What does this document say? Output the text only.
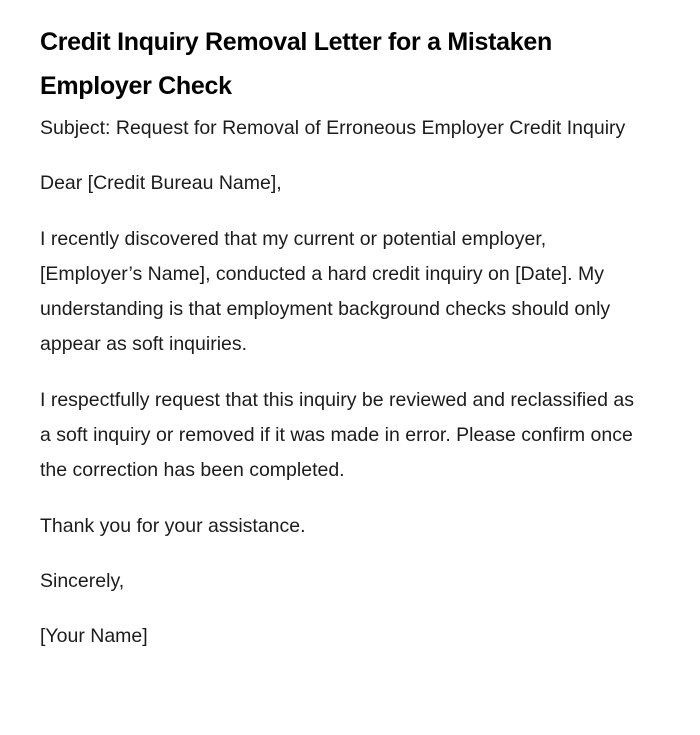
Credit Inquiry Removal Letter for a Mistaken Employer Check

Subject: Request for Removal of Erroneous Employer Credit Inquiry

Dear [Credit Bureau Name],

I recently discovered that my current or potential employer, [Employer’s Name], conducted a hard credit inquiry on [Date]. My understanding is that employment background checks should only appear as soft inquiries.

I respectfully request that this inquiry be reviewed and reclassified as a soft inquiry or removed if it was made in error. Please confirm once the correction has been completed.

Thank you for your assistance.

Sincerely,

[Your Name]
